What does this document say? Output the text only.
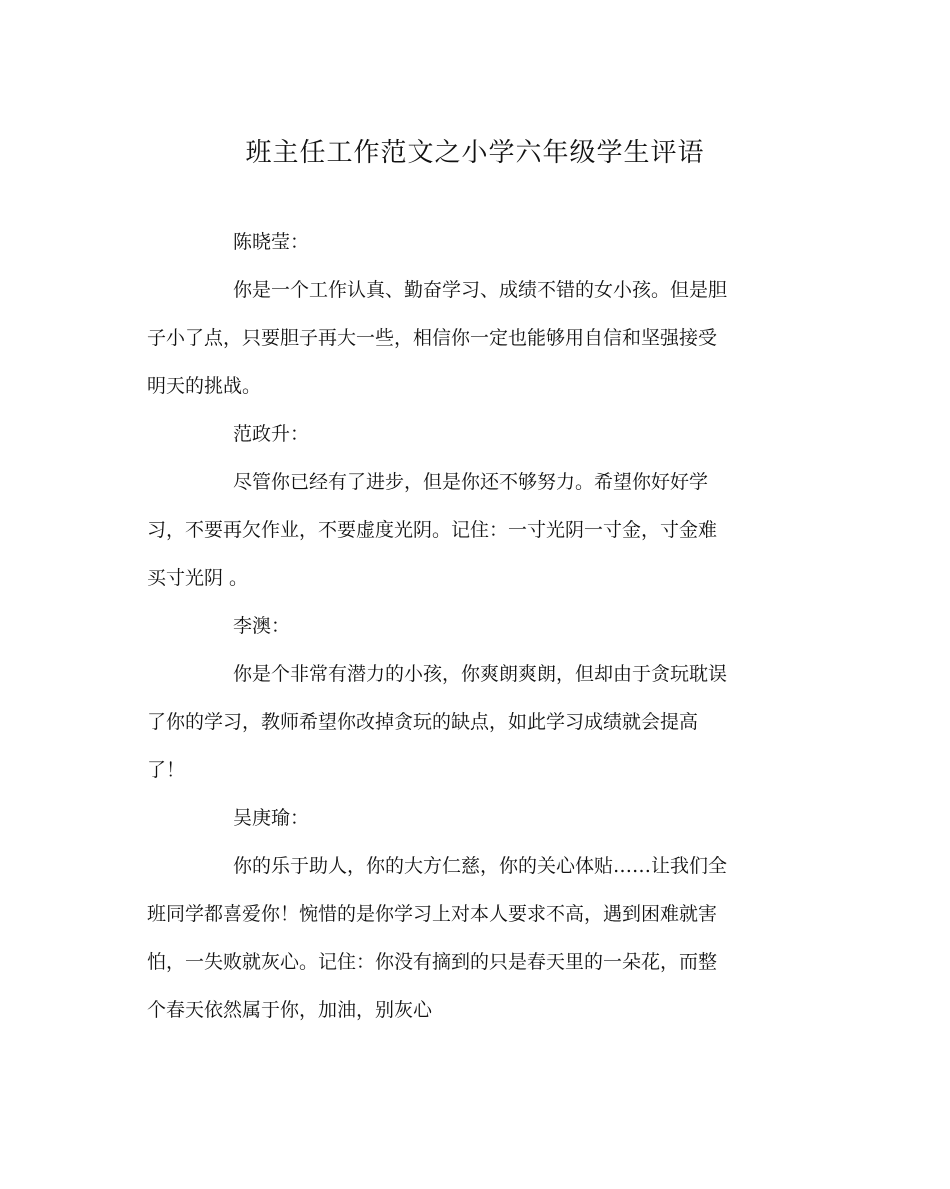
班主任工作范文之小学六年级学生评语
陈晓莹：
你是一个工作认真、勤奋学习、成绩不错的女小孩。但是胆
子小了点，只要胆子再大一些，相信你一定也能够用自信和坚强接受
明天的挑战。
范政升：
尽管你已经有了进步，但是你还不够努力。希望你好好学
习，不要再欠作业，不要虚度光阴。记住：一寸光阴一寸金，寸金难
买寸光阴 。
李澳：
你是个非常有潜力的小孩，你爽朗爽朗，但却由于贪玩耽误
了你的学习，教师希望你改掉贪玩的缺点，如此学习成绩就会提高
了！
吴庚瑜：
你的乐于助人，你的大方仁慈，你的关心体贴……让我们全
班同学都喜爱你！惋惜的是你学习上对本人要求不高，遇到困难就害
怕，一失败就灰心。记住：你没有摘到的只是春天里的一朵花，而整
个春天依然属于你，加油，别灰心
